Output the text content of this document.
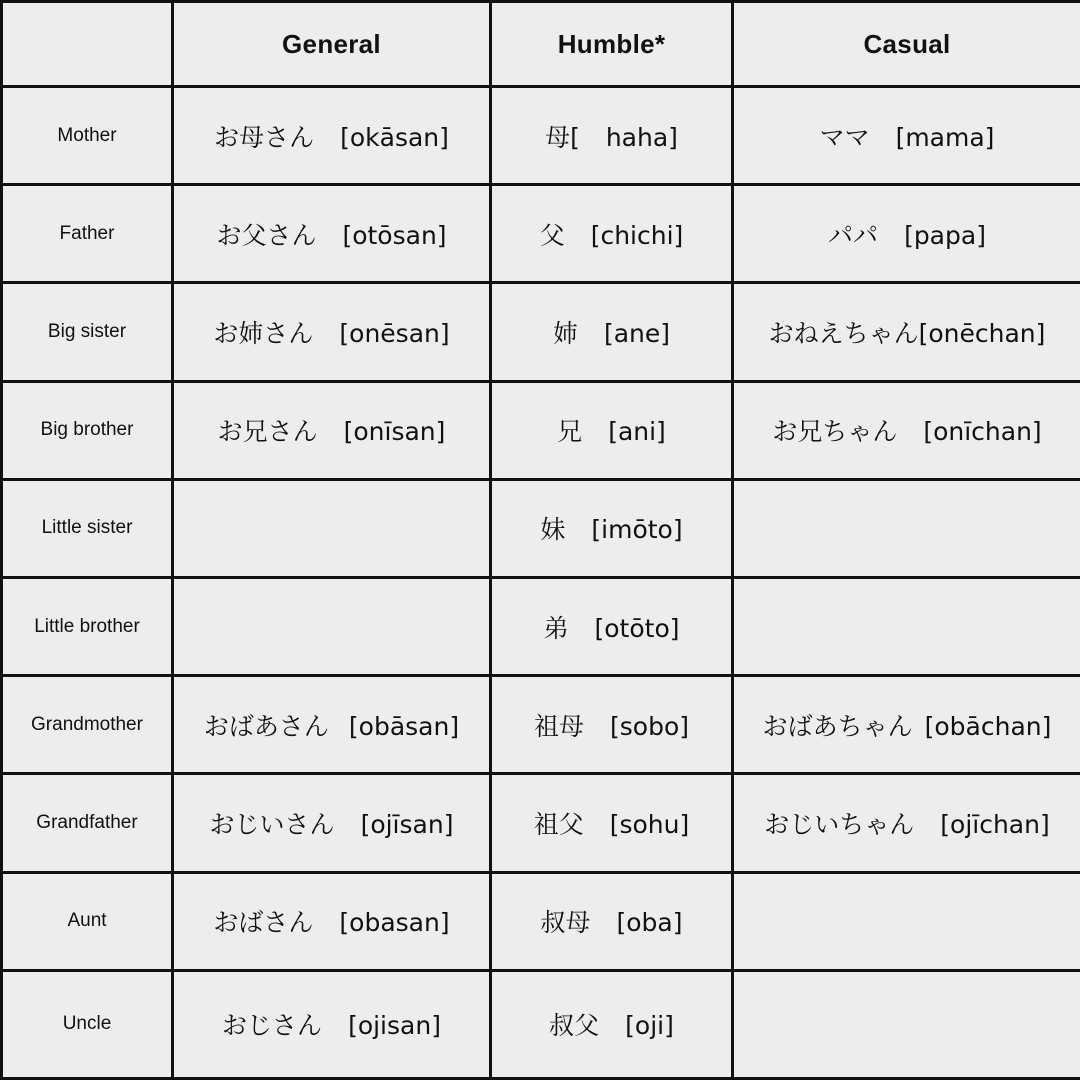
	General	Humble*	Casual
Mother	お母さん [okāsan]	母[ haha]	ママ [mama]
Father	お父さん [otōsan]	父 [chichi]	パパ [papa]
Big sister	お姉さん [onēsan]	姉 [ane]	おねえちゃん[onēchan]
Big brother	お兄さん [onīsan]	兄 [ani]	お兄ちゃん [onīchan]
Little sister		妹 [imōto]	
Little brother		弟 [otōto]	
Grandmother	おばあさん [obāsan]	祖母 [sobo]	おばあちゃん [obāchan]
Grandfather	おじいさん [ojīsan]	祖父 [sohu]	おじいちゃん [ojīchan]
Aunt	おばさん [obasan]	叔母 [oba]	
Uncle	おじさん [ojisan]	叔父 [oji]	
